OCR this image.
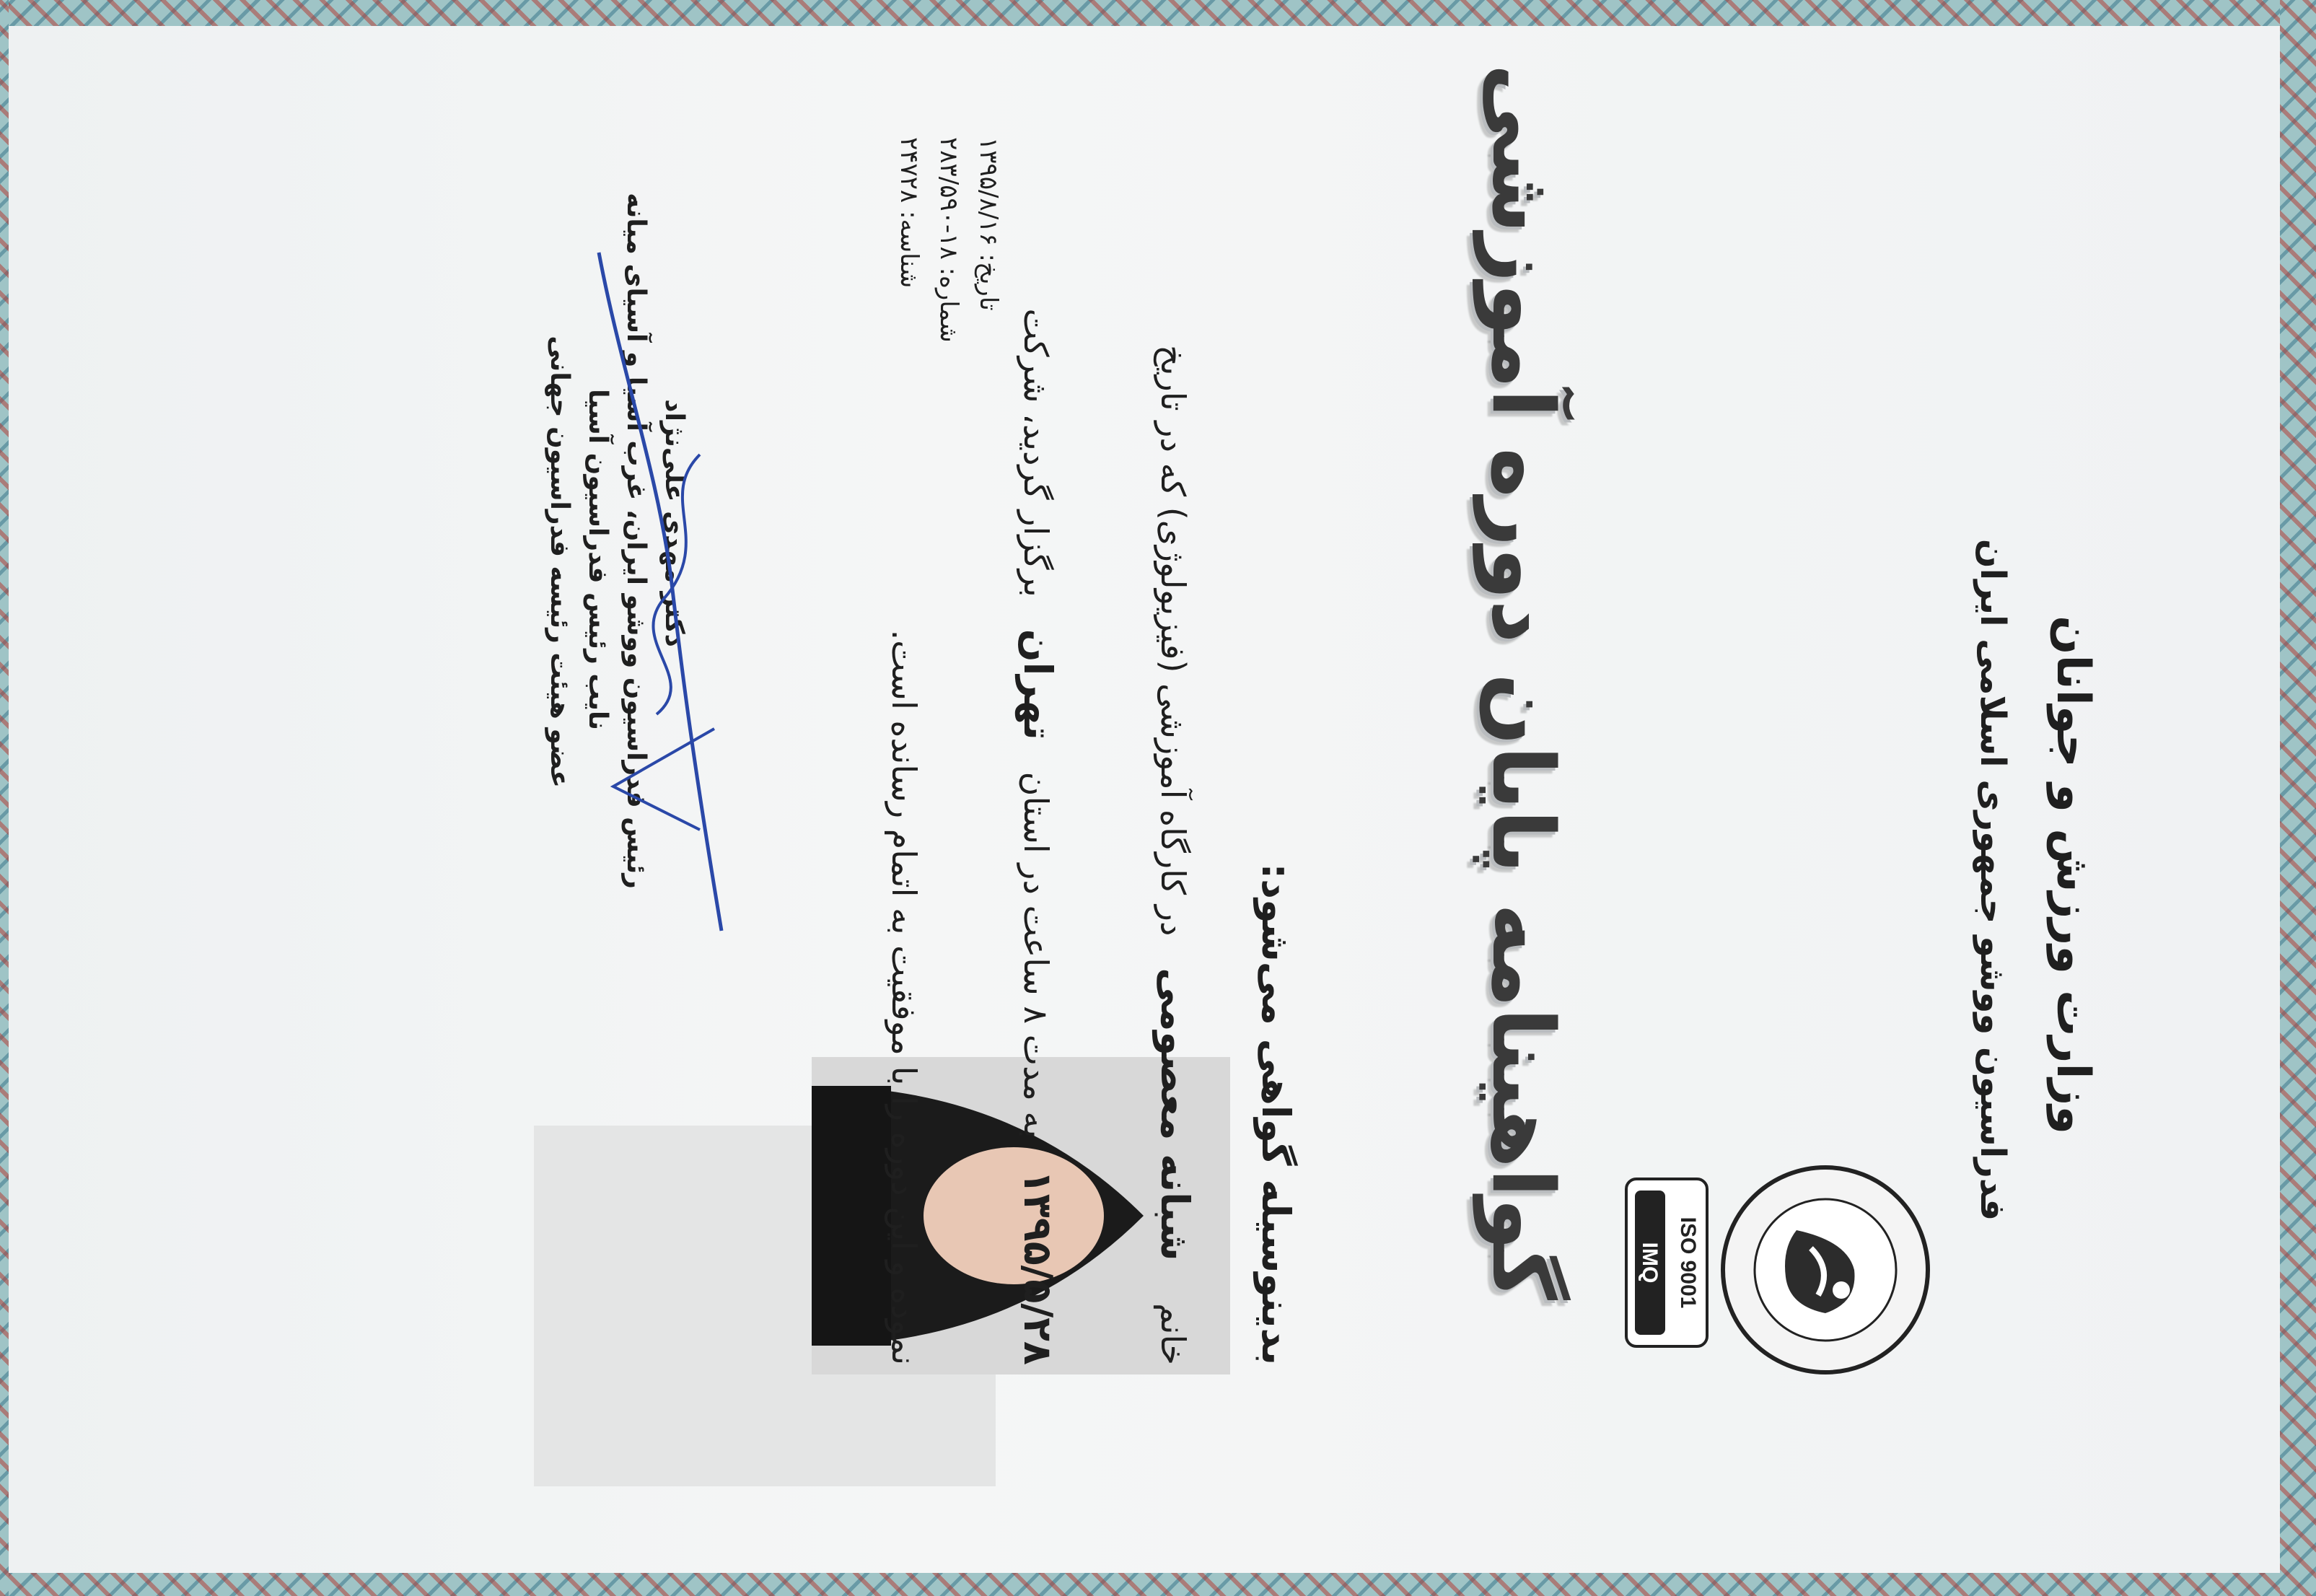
وزارت ورزش و جوانان
فدراسیون ووشو جمهوری اسلامی ایران
تاریخ: ۱۳۹۵/۸/۱۶
شماره: ۱۸-۲۸۳/۵۹۰
شناسه: ۲۴۷۲۸
ISO 9001
IMQ
گواهینامه پایان دوره آموزشی
بدینوسیله گواهی می‌شود:
خانم    شبانه معصومی   در کارگاه آموزشی (فیزیولوژی) که در تاریخ
۱۳۹۵/۵/۲۸   به مدت ۸ ساعت در استان   تهران   برگزار گردید، شرکت
نموده و این دوره را با موفقیت به اتمام رسانده است.
دکتر مهدی علی‌نژاد
رئیس فدراسیون ووشو ایران، غرب آسیا و آسیای میانه
نایب رئیس فدراسیون آسیا
عضو هیئت رئیسه فدراسیون جهانی
